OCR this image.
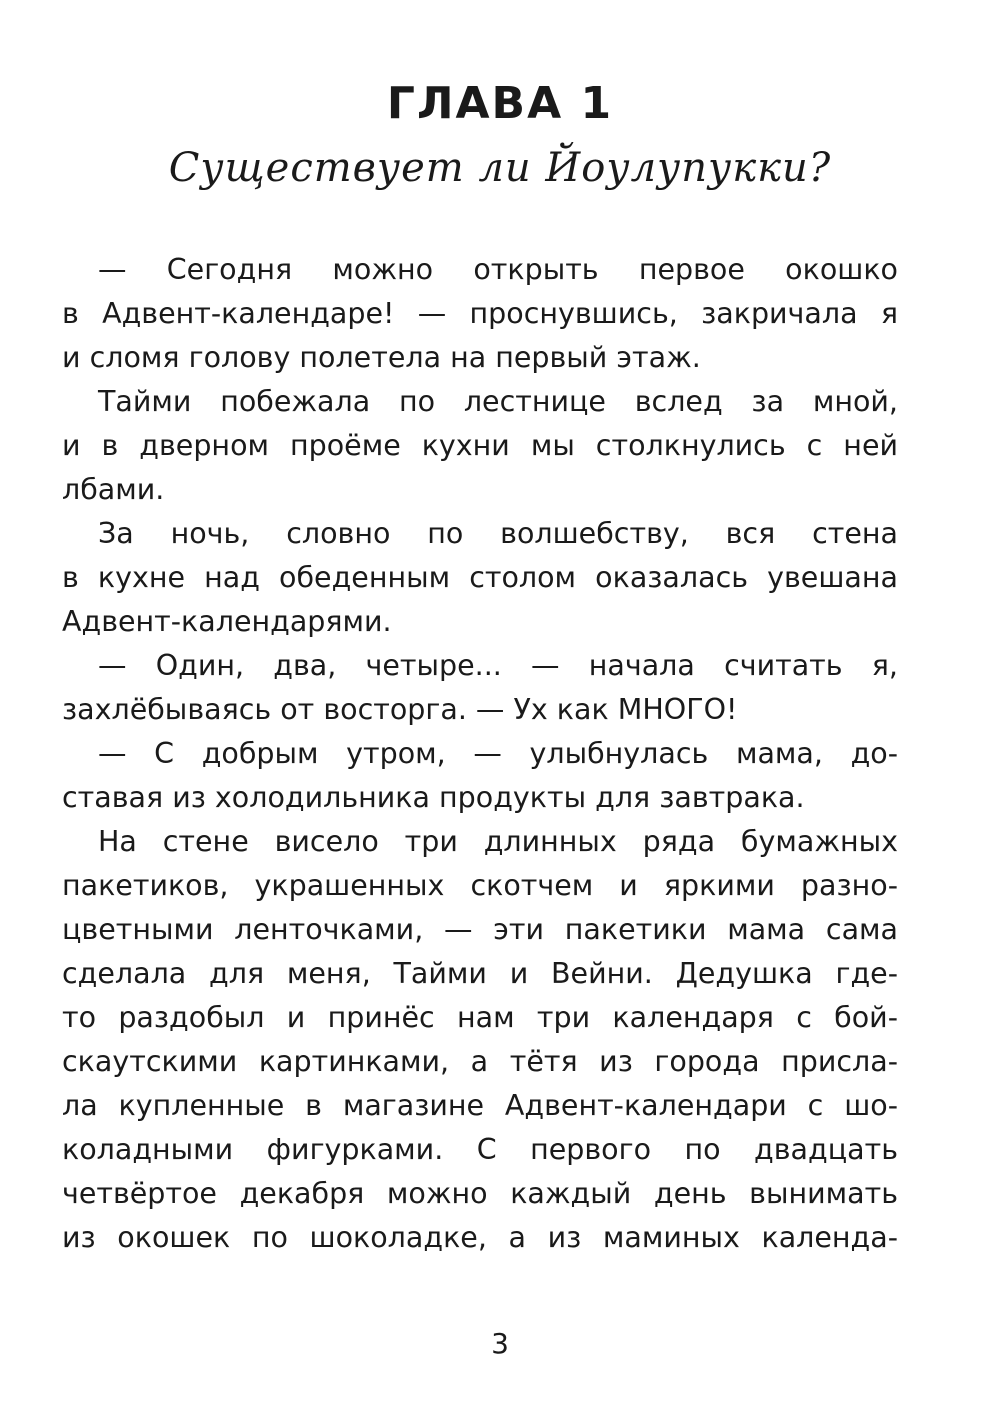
ГЛАВА 1
Существует ли Йоулупукки?
— Сегодня можно открыть первое окошко
в Адвент-календаре! — проснувшись, закричала я
и сломя голову полетела на первый этаж.
Тайми побежала по лестнице вслед за мной,
и в дверном проёме кухни мы столкнулись с ней
лбами.
За ночь, словно по волшебству, вся стена
в кухне над обеденным столом оказалась увешана
Адвент-календарями.
— Один, два, четыре... — начала считать я,
захлёбываясь от восторга. — Ух как МНОГО!
— С добрым утром, — улыбнулась мама, до-
ставая из холодильника продукты для завтрака.
На стене висело три длинных ряда бумажных
пакетиков, украшенных скотчем и яркими разно-
цветными ленточками, — эти пакетики мама сама
сделала для меня, Тайми и Вейни. Дедушка где-
то раздобыл и принёс нам три календаря с бой-
скаутскими картинками, а тётя из города присла-
ла купленные в магазине Адвент-календари с шо-
коладными фигурками. С первого по двадцать
четвёртое декабря можно каждый день вынимать
из окошек по шоколадке, а из маминых календа-
3
